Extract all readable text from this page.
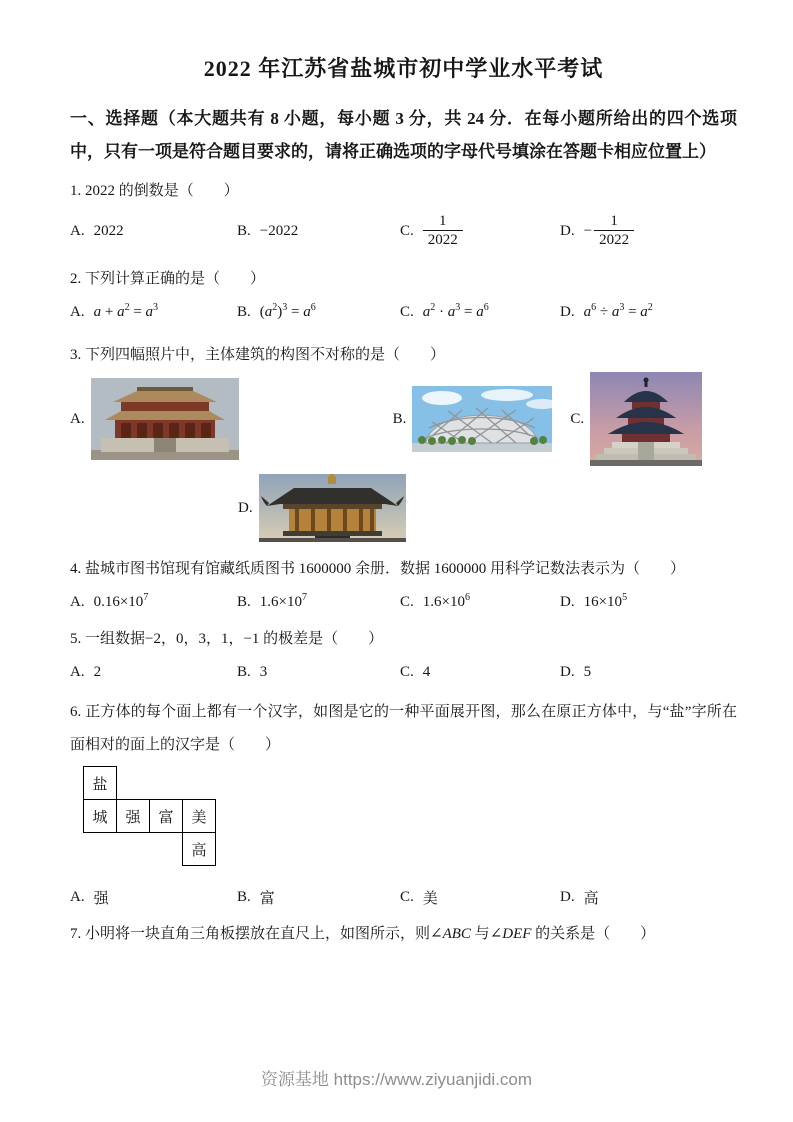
2022 年江苏省盐城市初中学业水平考试

一、选择题（本大题共有 8 小题，每小题 3 分，共 24 分．在每小题所给出的四个选项中，只有一项是符合题目要求的，请将正确选项的字母代号填涂在答题卡相应位置上）

1. 2022 的倒数是（　　）

A. 2022	B. −2022	C. $\frac{1}{2022}$	D. − $\frac{1}{2022}$

2. 下列计算正确的是（　　）

A. $a + a^2 = a^3$	B. $(a^2)^3 = a^6$	C. $a^2 \cdot a^3 = a^6$	D. $a^6 \div a^3 = a^2$

3. 下列四幅照片中，主体建筑的构图不对称的是（　　）

A.	B.	C.
D.

4. 盐城市图书馆现有馆藏纸质图书 1600000 余册．数据 1600000 用科学记数法表示为（　　）

A. $0.16\times 10^7$	B. $1.6\times 10^7$	C. $1.6\times 10^6$	D. $16\times 10^5$

5. 一组数据−2，0，3，1，−1 的极差是（　　）

A. 2	B. 3	C. 4	D. 5

6. 正方体的每个面上都有一个汉字，如图是它的一种平面展开图，那么在原正方体中，与“盐”字所在面相对的面上的汉字是（　　）

盐
城	强	富	美
高
A. 强	B. 富	C. 美	D. 高

7. 小明将一块直角三角板摆放在直尺上，如图所示，则∠ABC 与∠DEF 的关系是（　　）

资源基地 https://www.ziyuanjidi.com
